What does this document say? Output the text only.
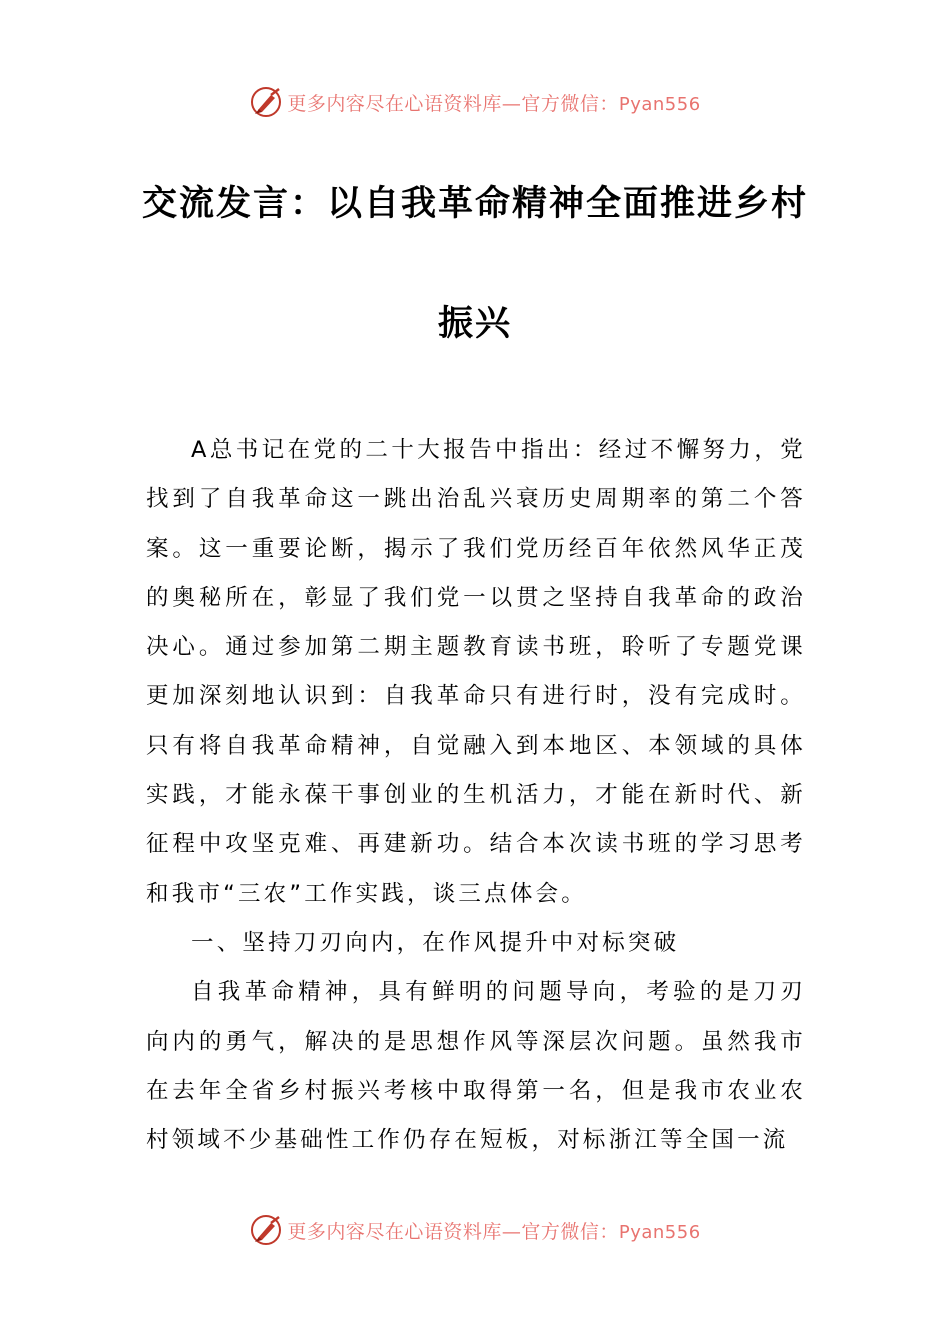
更多内容尽在心语资料库—官方微信：Pyan556
交流发言：以自我革命精神全面推进乡村
振兴

A总书记在党的二十大报告中指出：经过不懈努力，党找到了自我革命这一跳出治乱兴衰历史周期率的第二个答案。这一重要论断，揭示了我们党历经百年依然风华正茂的奥秘所在，彰显了我们党一以贯之坚持自我革命的政治决心。通过参加第二期主题教育读书班，聆听了专题党课更加深刻地认识到：自我革命只有进行时，没有完成时。只有将自我革命精神，自觉融入到本地区、本领域的具体实践，才能永葆干事创业的生机活力，才能在新时代、新征程中攻坚克难、再建新功。结合本次读书班的学习思考和我市“三农”工作实践，谈三点体会。

一、坚持刀刃向内，在作风提升中对标突破

自我革命精神，具有鲜明的问题导向，考验的是刀刃向内的勇气，解决的是思想作风等深层次问题。虽然我市在去年全省乡村振兴考核中取得第一名，但是我市农业农村领域不少基础性工作仍存在短板，对标浙江等全国一流

更多内容尽在心语资料库—官方微信：Pyan556
